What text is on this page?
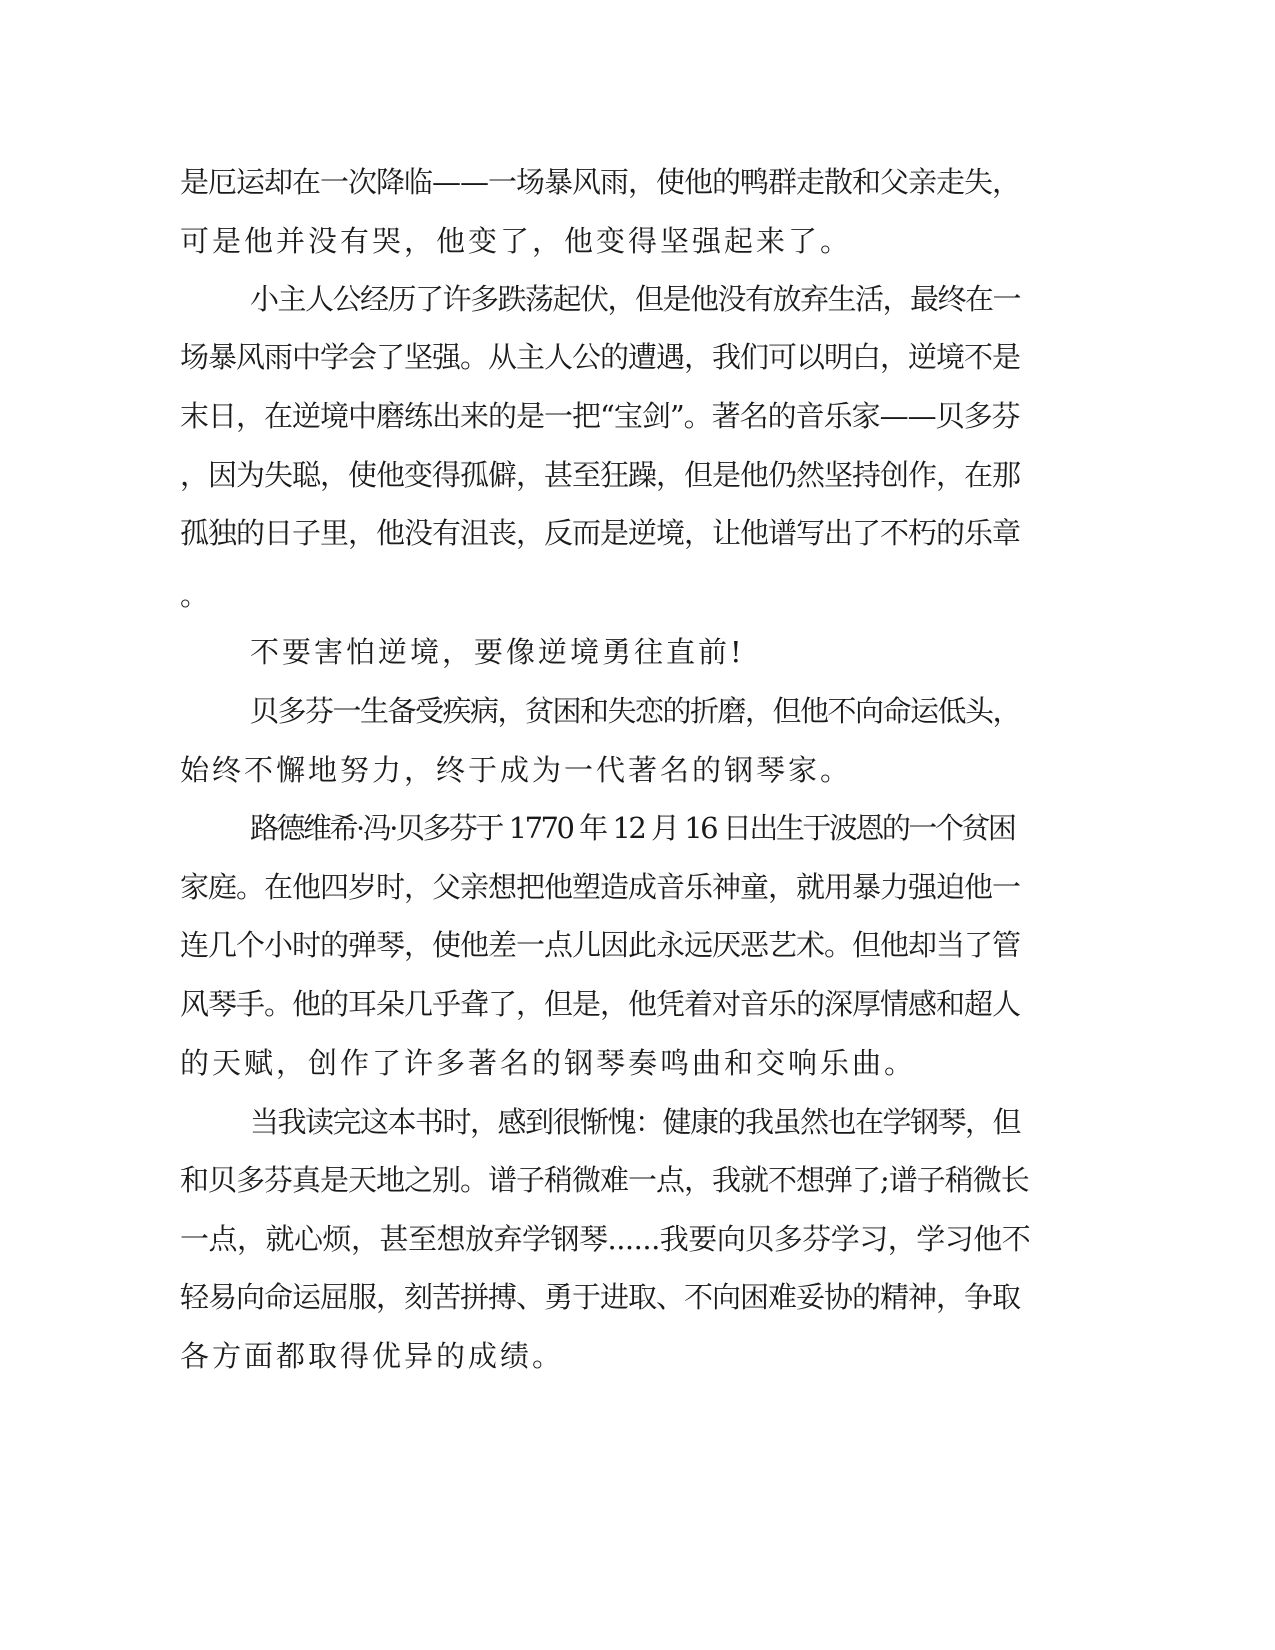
是厄运却在一次降临——一场暴风雨，使他的鸭群走散和父亲走失，
可是他并没有哭，他变了，他变得坚强起来了。
小主人公经历了许多跌荡起伏，但是他没有放弃生活，最终在一
场暴风雨中学会了坚强。从主人公的遭遇，我们可以明白，逆境不是
末日，在逆境中磨练出来的是一把“宝剑”。著名的音乐家——贝多芬
，因为失聪，使他变得孤僻，甚至狂躁，但是他仍然坚持创作，在那
孤独的日子里，他没有沮丧，反而是逆境，让他谱写出了不朽的乐章
。
不要害怕逆境，要像逆境勇往直前!
贝多芬一生备受疾病，贫困和失恋的折磨，但他不向命运低头，
始终不懈地努力，终于成为一代著名的钢琴家。
路德维希·冯·贝多芬于 1770 年 12 月 16 日出生于波恩的一个贫困
家庭。在他四岁时，父亲想把他塑造成音乐神童，就用暴力强迫他一
连几个小时的弹琴，使他差一点儿因此永远厌恶艺术。但他却当了管
风琴手。他的耳朵几乎聋了，但是，他凭着对音乐的深厚情感和超人
的天赋，创作了许多著名的钢琴奏鸣曲和交响乐曲。
当我读完这本书时，感到很惭愧：健康的我虽然也在学钢琴，但
和贝多芬真是天地之别。谱子稍微难一点，我就不想弹了;谱子稍微长
一点，就心烦，甚至想放弃学钢琴......我要向贝多芬学习，学习他不
轻易向命运屈服，刻苦拼搏、勇于进取、不向困难妥协的精神，争取
各方面都取得优异的成绩。
